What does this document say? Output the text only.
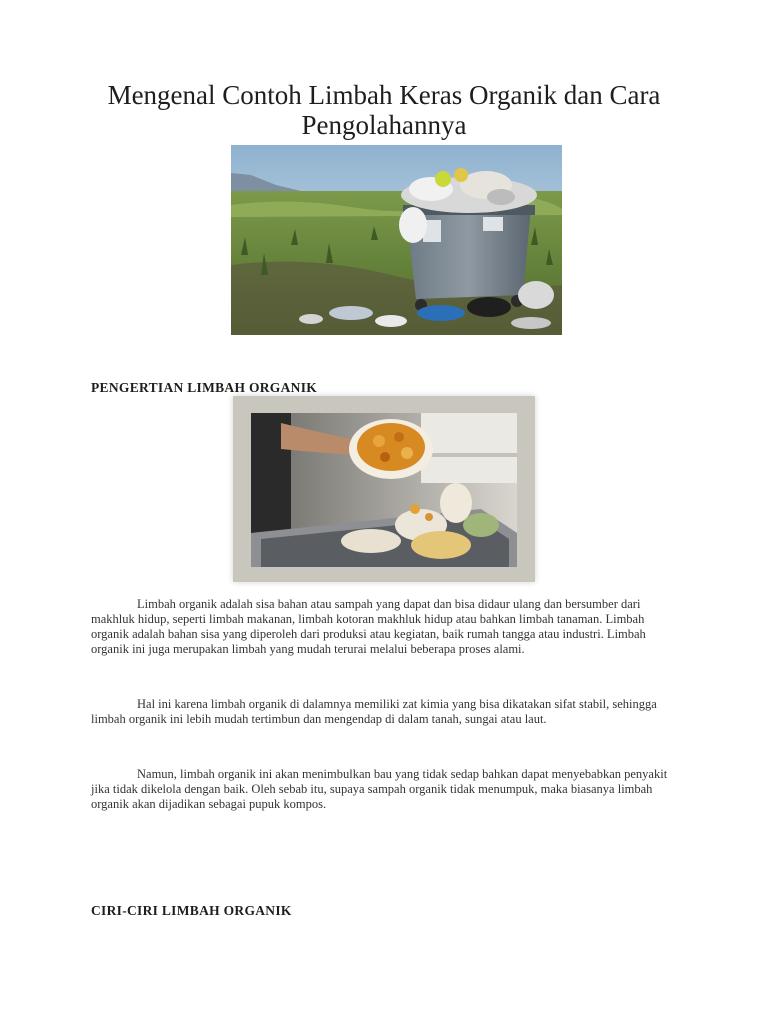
Mengenal Contoh Limbah Keras Organik dan Cara Pengolahannya
PENGERTIAN LIMBAH ORGANIK

Limbah organik adalah sisa bahan atau sampah yang dapat dan bisa didaur ulang dan bersumber dari makhluk hidup, seperti limbah makanan, limbah kotoran makhluk hidup atau bahkan limbah tanaman. Limbah organik adalah bahan sisa yang diperoleh dari produksi atau kegiatan, baik rumah tangga atau industri. Limbah organik ini juga merupakan limbah yang mudah terurai melalui beberapa proses alami.

Hal ini karena limbah organik di dalamnya memiliki zat kimia yang bisa dikatakan sifat stabil, sehingga limbah organik ini lebih mudah tertimbun dan mengendap di dalam tanah, sungai atau laut.

Namun, limbah organik ini akan menimbulkan bau yang tidak sedap bahkan dapat menyebabkan penyakit jika tidak dikelola dengan baik. Oleh sebab itu, supaya sampah organik tidak menumpuk, maka biasanya limbah organik akan dijadikan sebagai pupuk kompos.

CIRI-CIRI LIMBAH ORGANIK
